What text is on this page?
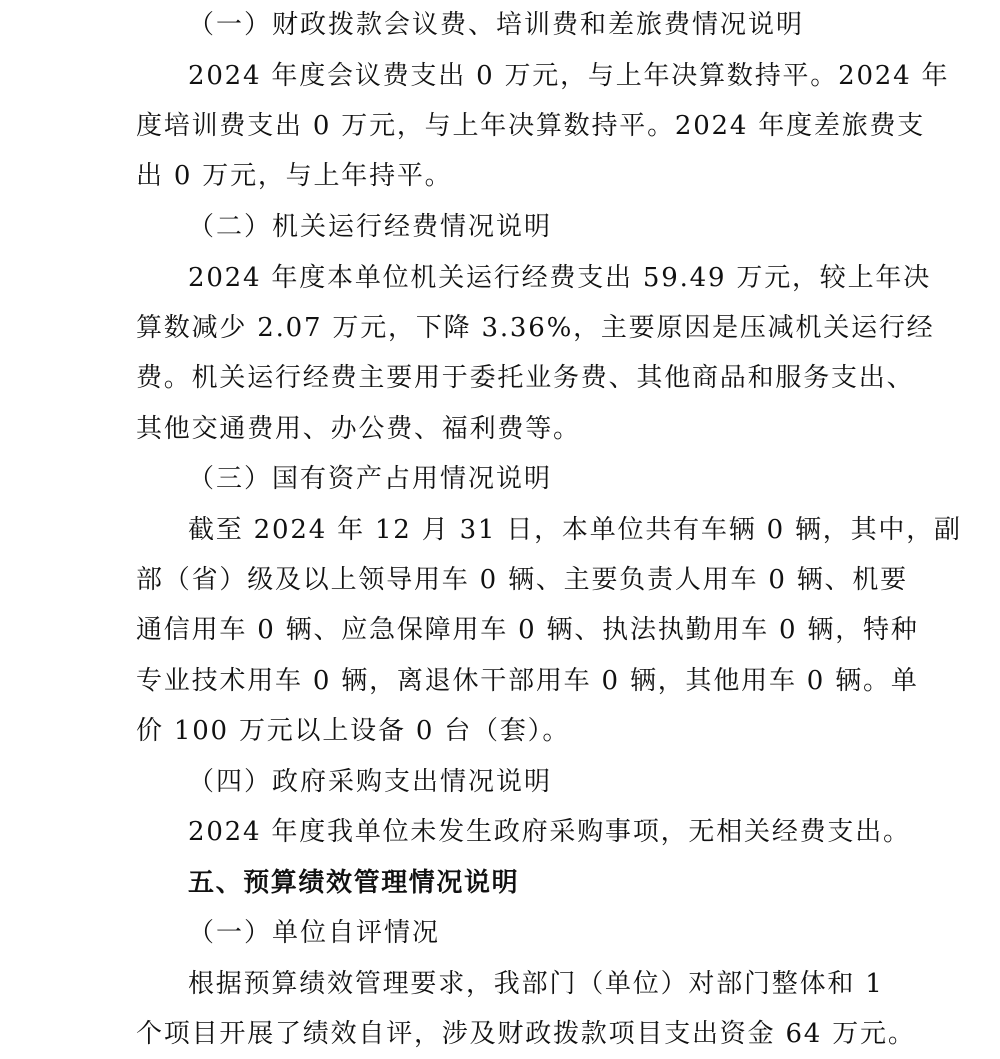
（一）财政拨款会议费、培训费和差旅费情况说明
2024 年度会议费支出 0 万元，与上年决算数持平。2024 年
度培训费支出 0 万元，与上年决算数持平。2024 年度差旅费支
出 0 万元，与上年持平。
（二）机关运行经费情况说明
2024 年度本单位机关运行经费支出 59.49 万元，较上年决
算数减少 2.07 万元，下降 3.36%，主要原因是压减机关运行经
费。机关运行经费主要用于委托业务费、其他商品和服务支出、
其他交通费用、办公费、福利费等。
（三）国有资产占用情况说明
截至 2024 年 12 月 31 日，本单位共有车辆 0 辆，其中，副
部（省）级及以上领导用车 0 辆、主要负责人用车 0 辆、机要
通信用车 0 辆、应急保障用车 0 辆、执法执勤用车 0 辆，特种
专业技术用车 0 辆，离退休干部用车 0 辆，其他用车 0 辆。单
价 100 万元以上设备 0 台（套）。
（四）政府采购支出情况说明
2024 年度我单位未发生政府采购事项，无相关经费支出。
五、预算绩效管理情况说明
（一）单位自评情况
根据预算绩效管理要求，我部门（单位）对部门整体和 1
个项目开展了绩效自评，涉及财政拨款项目支出资金 64 万元。
